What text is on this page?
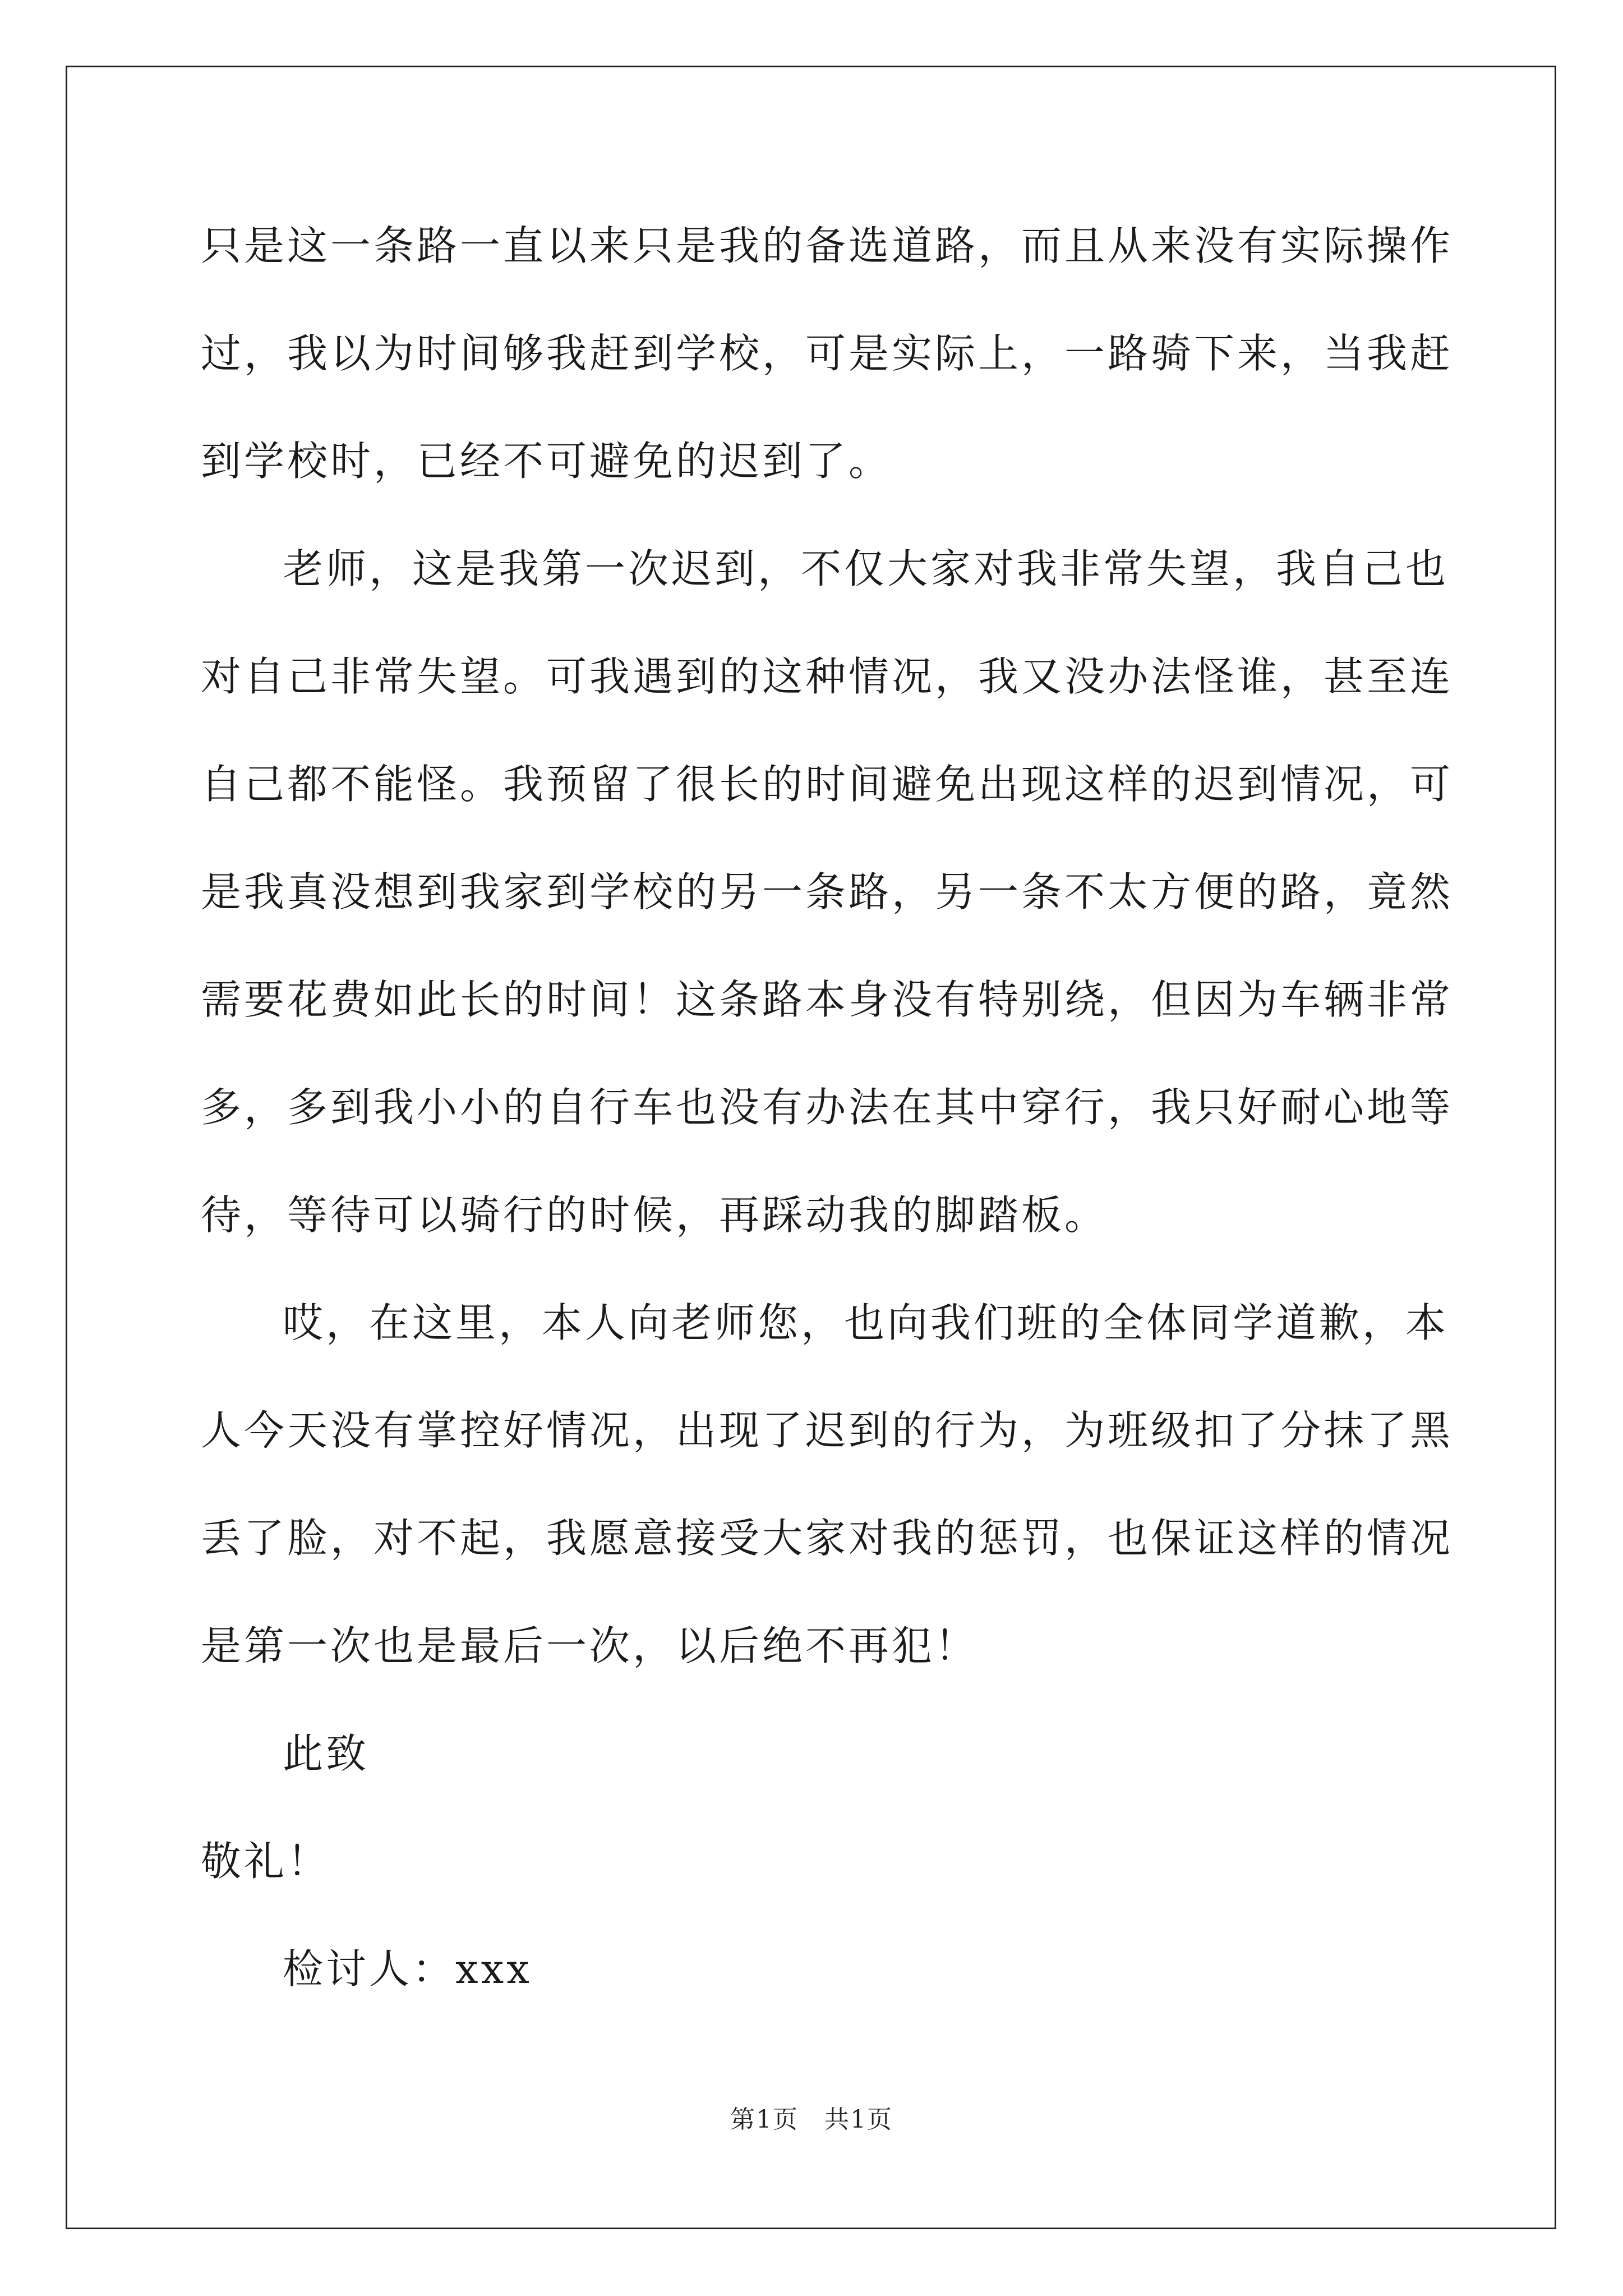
只是这一条路一直以来只是我的备选道路，而且从来没有实际操作过，我以为时间够我赶到学校，可是实际上，一路骑下来，当我赶到学校时，已经不可避免的迟到了。

老师，这是我第一次迟到，不仅大家对我非常失望，我自己也对自己非常失望。可我遇到的这种情况，我又没办法怪谁，甚至连自己都不能怪。我预留了很长的时间避免出现这样的迟到情况，可是我真没想到我家到学校的另一条路，另一条不太方便的路，竟然需要花费如此长的时间！这条路本身没有特别绕，但因为车辆非常多，多到我小小的自行车也没有办法在其中穿行，我只好耐心地等待，等待可以骑行的时候，再踩动我的脚踏板。

哎，在这里，本人向老师您，也向我们班的全体同学道歉，本人今天没有掌控好情况，出现了迟到的行为，为班级扣了分抹了黑丢了脸，对不起，我愿意接受大家对我的惩罚，也保证这样的情况是第一次也是最后一次，以后绝不再犯！

此致

敬礼！

检讨人：xxx

第1页　共1页
